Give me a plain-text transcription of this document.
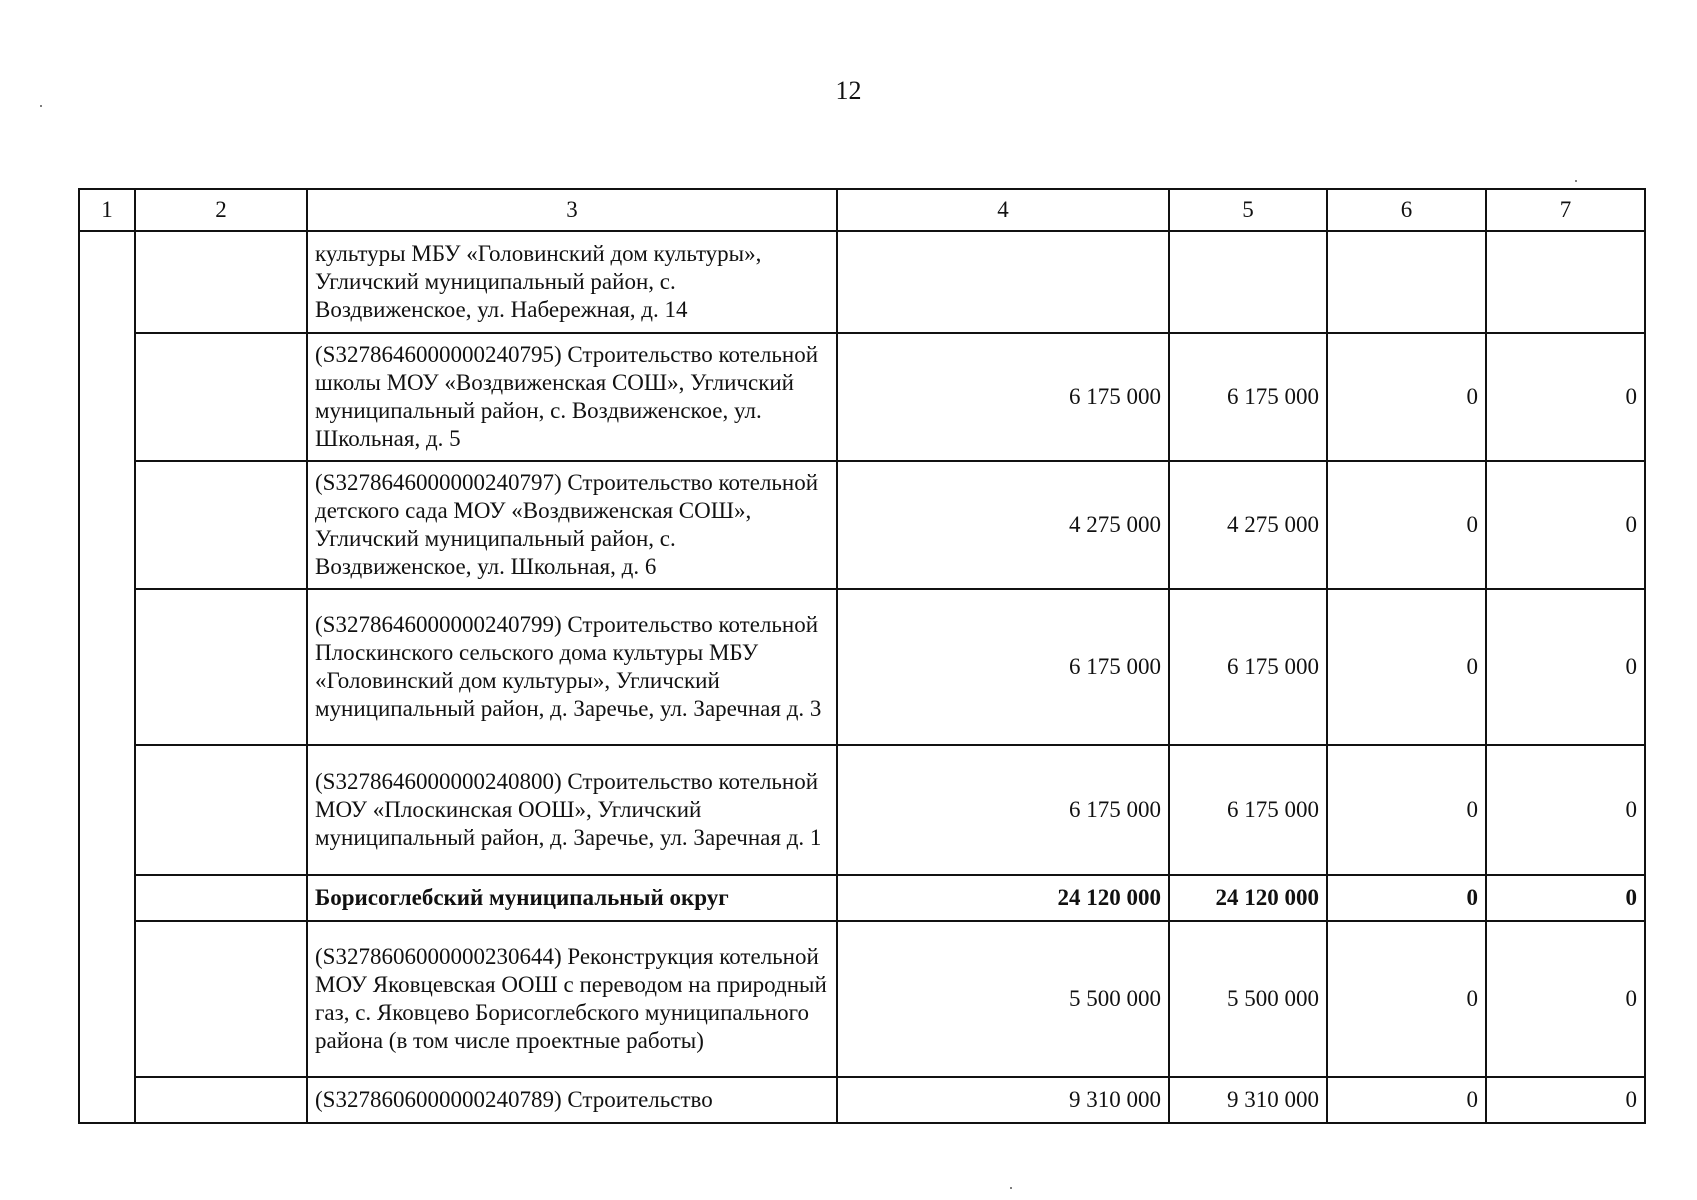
12
1	2	3	4	5	6	7
		культуры МБУ «Головинский дом культуры», Угличский муниципальный район, с. Воздвиженское, ул. Набережная, д. 14				
		(S3278646000000240795) Строительство котельной школы МОУ «Воздвиженская СОШ», Угличский муниципальный район, с. Воздвиженское, ул. Школьная, д. 5	6 175 000	6 175 000	0	0
		(S3278646000000240797) Строительство котельной детского сада МОУ «Воздвиженская СОШ», Угличский муниципальный район, с. Воздвиженское, ул. Школьная, д. 6	4 275 000	4 275 000	0	0
		(S3278646000000240799) Строительство котельной Плоскинского сельского дома культуры МБУ «Головинский дом культуры», Угличский муниципальный район, д. Заречье, ул. Заречная д. 3	6 175 000	6 175 000	0	0
		(S3278646000000240800) Строительство котельной МОУ «Плоскинская ООШ», Угличский муниципальный район, д. Заречье, ул. Заречная д. 1	6 175 000	6 175 000	0	0
		Борисоглебский муниципальный округ	24 120 000	24 120 000	0	0
		(S3278606000000230644) Реконструкция котельной МОУ Яковцевская ООШ с переводом на природный газ, с. Яковцево Борисоглебского муниципального района (в том числе проектные работы)	5 500 000	5 500 000	0	0
		(S3278606000000240789) Строительство	9 310 000	9 310 000	0	0
